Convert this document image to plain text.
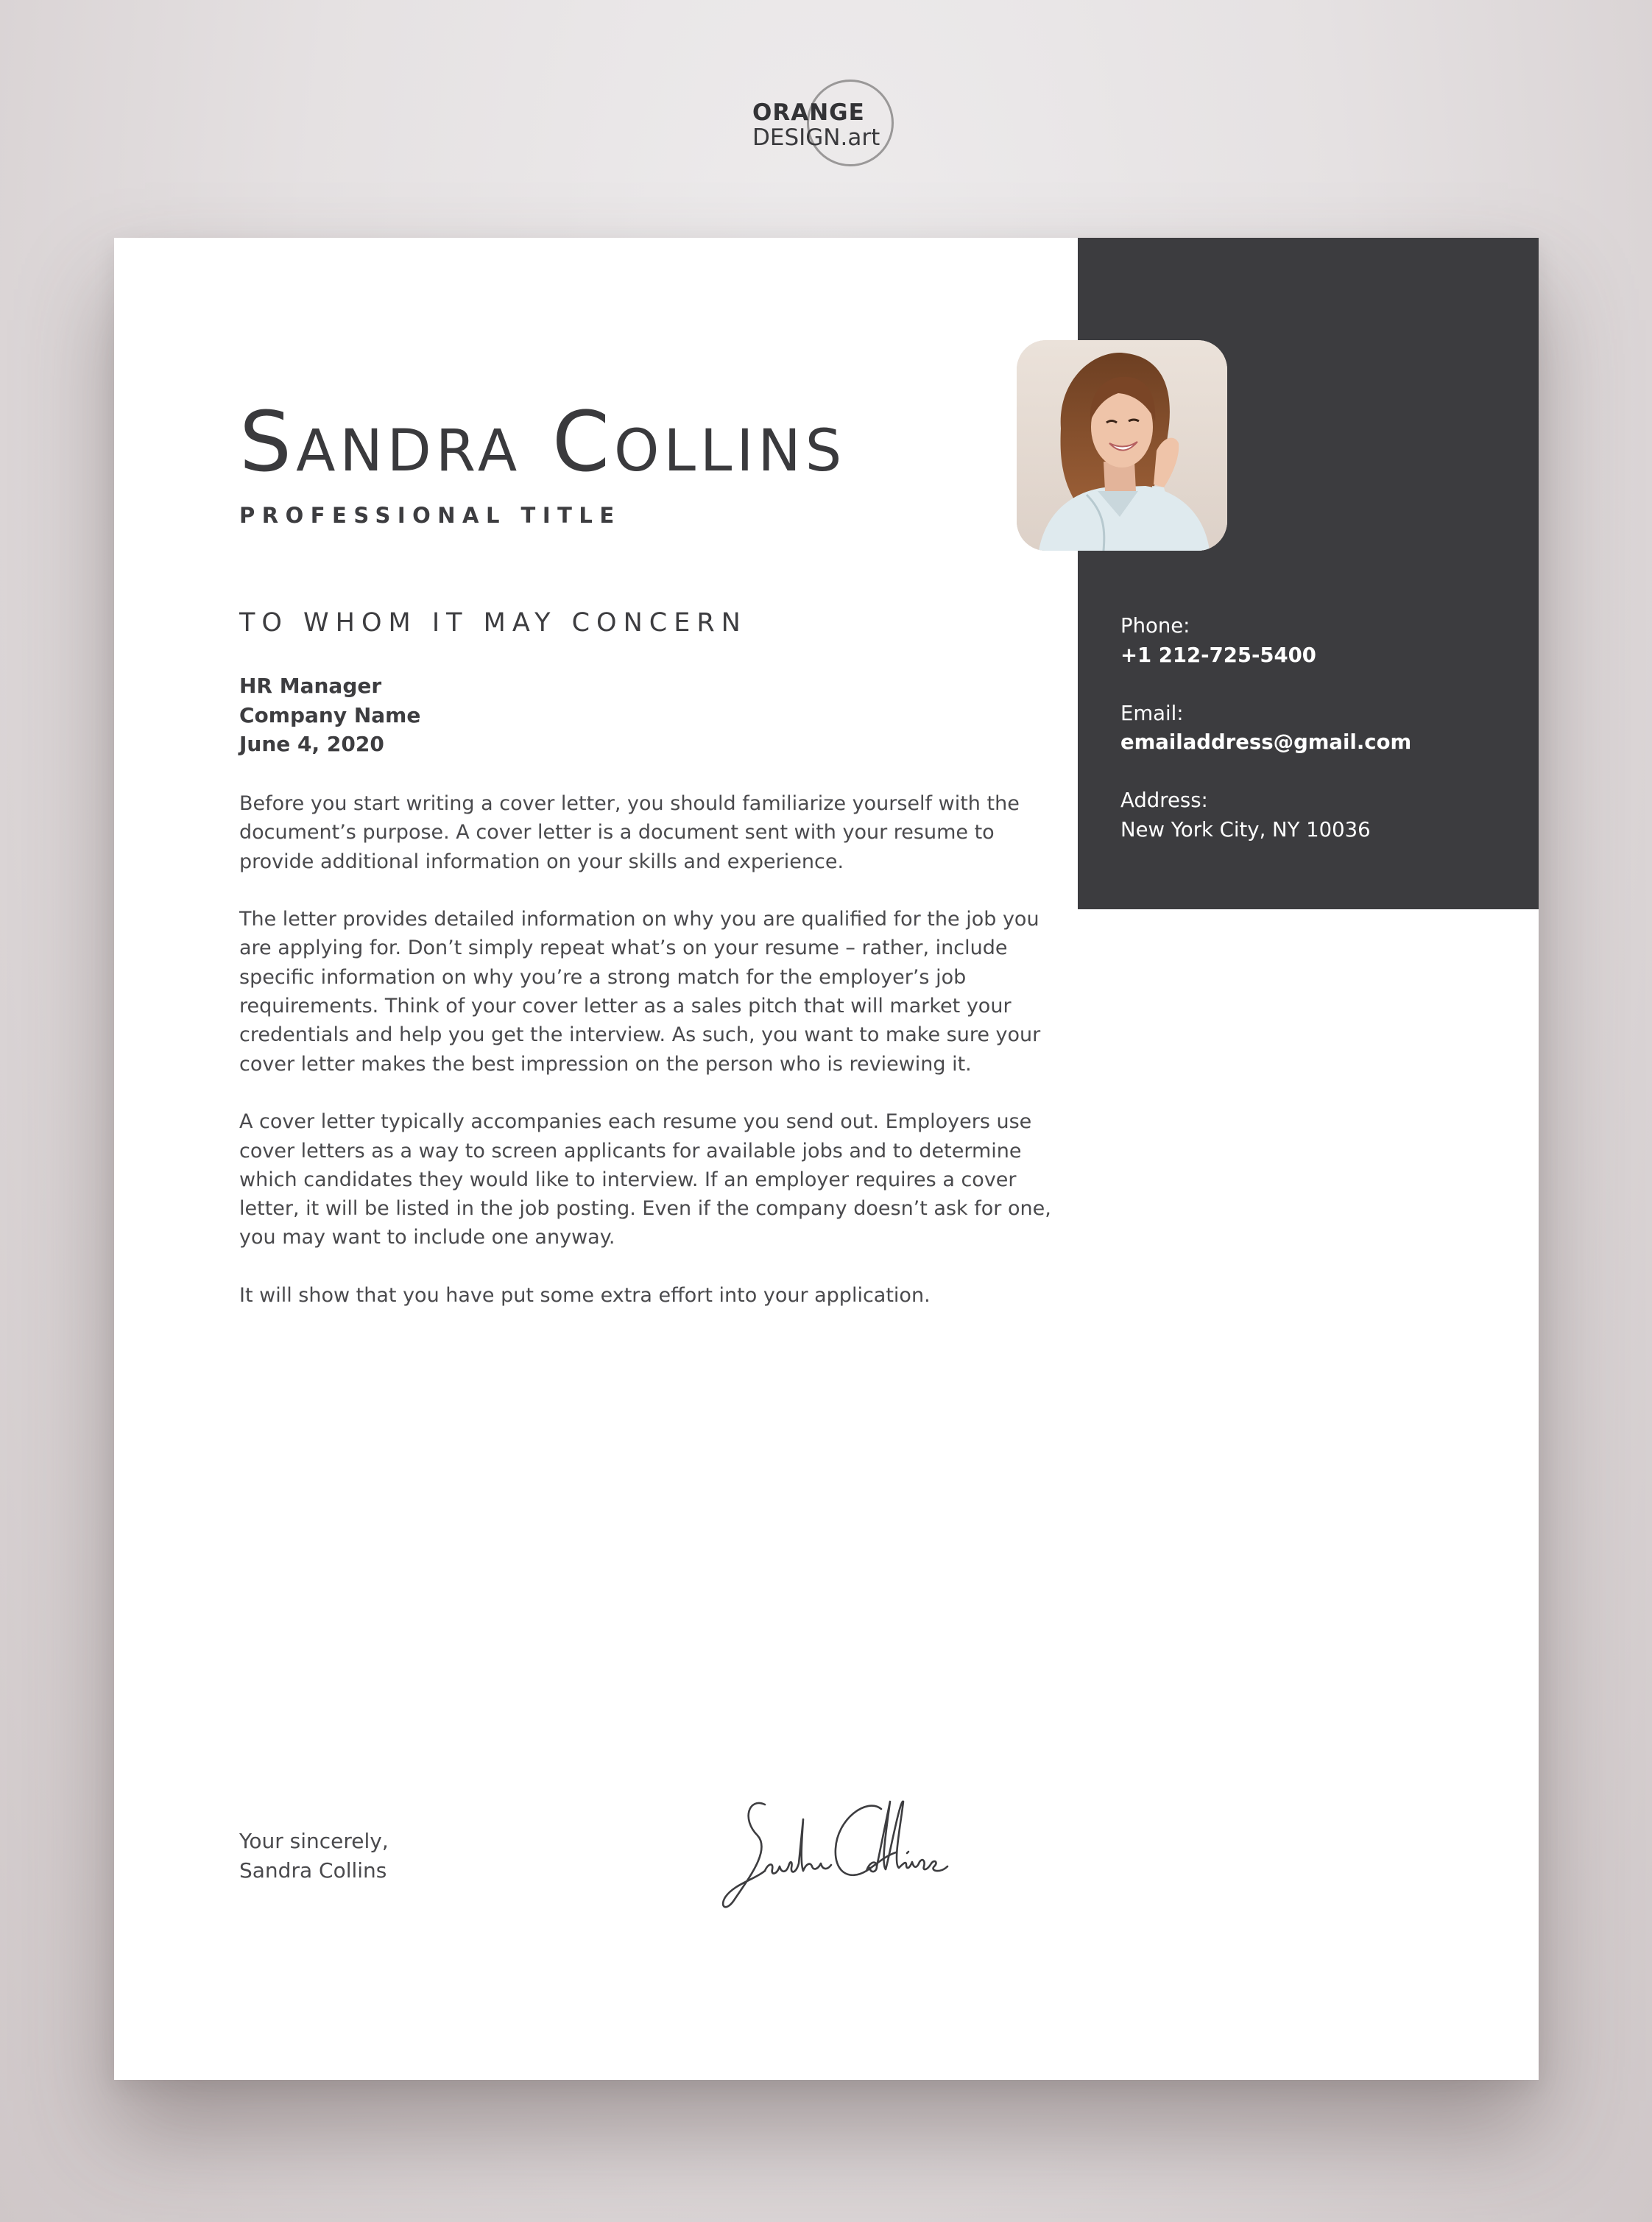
ORANGE
DESIGN.art
Sandra Collins
PROFESSIONAL TITLE
TO WHOM IT MAY CONCERN
HR Manager
Company Name
June 4, 2020

Before you start writing a cover letter, you should familiarize yourself with the
document’s purpose. A cover letter is a document sent with your resume to
provide additional information on your skills and experience.

The letter provides detailed information on why you are qualified for the job you
are applying for. Don’t simply repeat what’s on your resume – rather, include
specific information on why you’re a strong match for the employer’s job
requirements. Think of your cover letter as a sales pitch that will market your
credentials and help you get the interview. As such, you want to make sure your
cover letter makes the best impression on the person who is reviewing it.

A cover letter typically accompanies each resume you send out. Employers use
cover letters as a way to screen applicants for available jobs and to determine
which candidates they would like to interview. If an employer requires a cover
letter, it will be listed in the job posting. Even if the company doesn’t ask for one,
you may want to include one anyway.

It will show that you have put some extra effort into your application.

Phone:
+1 212-725-5400
Email:
emailaddress@gmail.com
Address:
New York City, NY 10036
Your sincerely,
Sandra Collins
